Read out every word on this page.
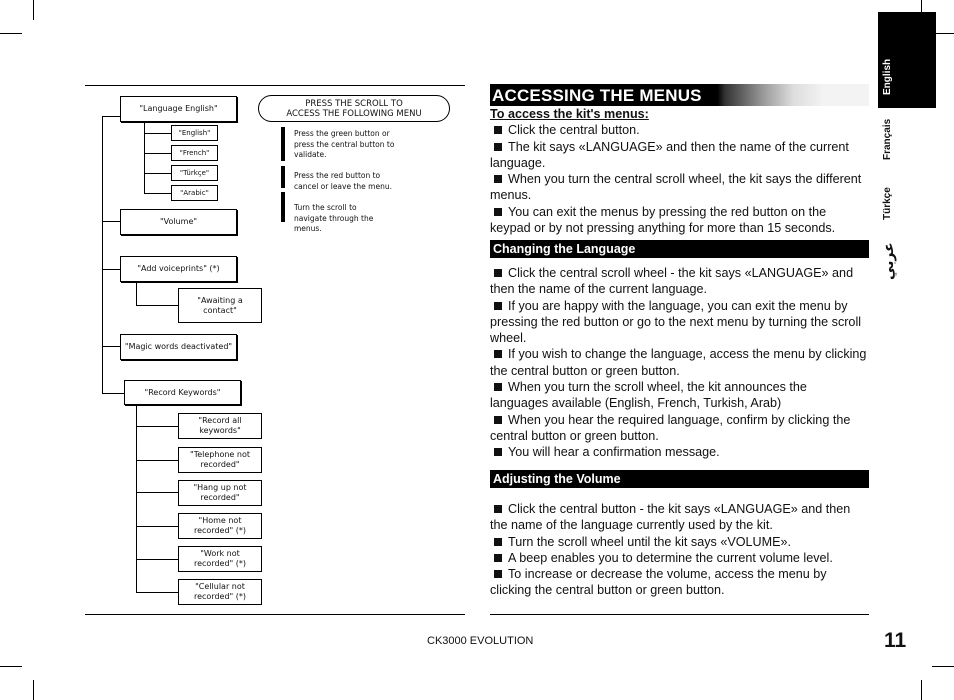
English
Français
Türkçe
عربي
"Language English"
"English"
"French"
"Türkçe"
"Arabic"
"Volume"
"Add voiceprints" (*)
"Awaiting a
contact"
"Magic words deactivated"
"Record Keywords"
"Record all
keywords"
"Telephone not
recorded"
"Hang up not
recorded"
"Home not
recorded" (*)
"Work not
recorded" (*)
"Cellular not
recorded" (*)
PRESS THE SCROLL TO
ACCESS THE FOLLOWING MENU
Press the green button or
press the central button to
validate.
Press the red button to
cancel or leave the menu.
Turn the scroll to
navigate through the
menus.
ACCESSING THE MENUS
To access the kit's menus:
Click the central button.
The kit says «LANGUAGE» and then the name of the current language.
When you turn the central scroll wheel, the kit says the different menus.
You can exit the menus by pressing the red button on the keypad or by not pressing anything for more than 15 seconds.
Changing the Language
Click the central scroll wheel - the kit says «LANGUAGE» and then the name of the current language.
If you are happy with the language, you can exit the menu by pressing the red button or go to the next menu by turning the scroll wheel.
If you wish to change the language, access the menu by clicking the central button or green button.
When you turn the scroll wheel, the kit announces the languages available (English, French, Turkish, Arab)
When you hear the required language, confirm by clicking the central button or green button.
You will hear a confirmation message.
Adjusting the Volume
Click the central button - the kit says «LANGUAGE» and then the name of the language currently used by the kit.
Turn the scroll wheel until the kit says «VOLUME».
A beep enables you to determine the current volume level.
To increase or decrease the volume, access the menu by clicking the central button or green button.
CK3000 EVOLUTION	11
